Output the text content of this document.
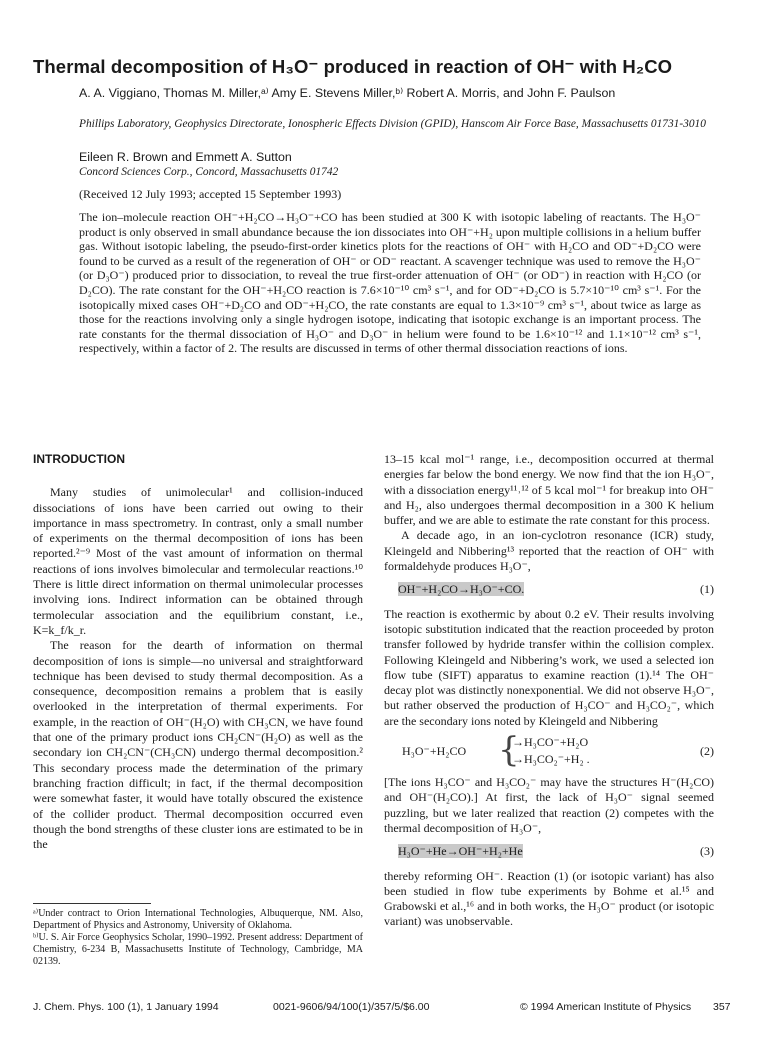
Thermal decomposition of H₃O⁻ produced in reaction of OH⁻ with H₂CO
A. A. Viggiano, Thomas M. Miller,ᵃ⁾ Amy E. Stevens Miller,ᵇ⁾ Robert A. Morris, and John F. Paulson
Phillips Laboratory, Geophysics Directorate, Ionospheric Effects Division (GPID), Hanscom Air Force Base, Massachusetts 01731-3010
Eileen R. Brown and Emmett A. Sutton
Concord Sciences Corp., Concord, Massachusetts 01742
(Received 12 July 1993; accepted 15 September 1993)
The ion–molecule reaction OH⁻+H₂CO→H₃O⁻+CO has been studied at 300 K with isotopic labeling of reactants. The H₃O⁻ product is only observed in small abundance because the ion dissociates into OH⁻+H₂ upon multiple collisions in a helium buffer gas. Without isotopic labeling, the pseudo-first-order kinetics plots for the reactions of OH⁻ with H₂CO and OD⁻+D₂CO were found to be curved as a result of the regeneration of OH⁻ or OD⁻ reactant. A scavenger technique was used to remove the H₃O⁻ (or D₃O⁻) produced prior to dissociation, to reveal the true first-order attenuation of OH⁻ (or OD⁻) in reaction with H₂CO (or D₂CO). The rate constant for the OH⁻+H₂CO reaction is 7.6×10⁻¹⁰ cm³ s⁻¹, and for OD⁻+D₂CO is 5.7×10⁻¹⁰ cm³ s⁻¹. For the isotopically mixed cases OH⁻+D₂CO and OD⁻+H₂CO, the rate constants are equal to 1.3×10⁻⁹ cm³ s⁻¹, about twice as large as those for the reactions involving only a single hydrogen isotope, indicating that isotopic exchange is an important process. The rate constants for the thermal dissociation of H₃O⁻ and D₃O⁻ in helium were found to be 1.6×10⁻¹² and 1.1×10⁻¹² cm³ s⁻¹, respectively, within a factor of 2. The results are discussed in terms of other thermal dissociation reactions of ions.
INTRODUCTION

Many studies of unimolecular¹ and collision-induced dissociations of ions have been carried out owing to their importance in mass spectrometry. In contrast, only a small number of experiments on the thermal decomposition of ions has been reported.²⁻⁹ Most of the vast amount of information on thermal reactions of ions involves bimolecular and termolecular reactions.¹⁰ There is little direct information on thermal unimolecular processes involving ions. Indirect information can be obtained through termolecular association and the equilibrium constant, i.e., K=k_f/k_r.

The reason for the dearth of information on thermal decomposition of ions is simple—no universal and straightforward technique has been devised to study thermal decomposition. As a consequence, decomposition remains a problem that is easily overlooked in the interpretation of thermal experiments. For example, in the reaction of OH⁻(H₂O) with CH₃CN, we have found that one of the primary product ions CH₂CN⁻(H₂O) as well as the secondary ion CH₂CN⁻(CH₃CN) undergo thermal decomposition.² This secondary process made the determination of the primary branching fraction difficult; in fact, if the thermal decomposition were somewhat faster, it would have totally obscured the existence of the collider product. Thermal decomposition occurred even though the bond strengths of these cluster ions are estimated to be in the

ᵃ⁾Under contract to Orion International Technologies, Albuquerque, NM. Also, Department of Physics and Astronomy, University of Oklahoma.
ᵇ⁾U. S. Air Force Geophysics Scholar, 1990–1992. Present address: Department of Chemistry, 6-234 B, Massachusetts Institute of Technology, Cambridge, MA 02139.

13–15 kcal mol⁻¹ range, i.e., decomposition occurred at thermal energies far below the bond energy. We now find that the ion H₃O⁻, with a dissociation energy¹¹˒¹² of 5 kcal mol⁻¹ for breakup into OH⁻ and H₂, also undergoes thermal decomposition in a 300 K helium buffer, and we are able to estimate the rate constant for this process.

A decade ago, in an ion-cyclotron resonance (ICR) study, Kleingeld and Nibbering¹³ reported that the reaction of OH⁻ with formaldehyde produces H₃O⁻,

OH⁻+H₂CO→H₃O⁻+CO.	(1)

The reaction is exothermic by about 0.2 eV. Their results involving isotopic substitution indicated that the reaction proceeded by proton transfer followed by hydride transfer within the collision complex. Following Kleingeld and Nibbering’s work, we used a selected ion flow tube (SIFT) apparatus to examine reaction (1).¹⁴ The OH⁻ decay plot was distinctly nonexponential. We did not observe H₃O⁻, but rather observed the production of H₃CO⁻ and H₃CO₂⁻, which are the secondary ions noted by Kleingeld and Nibbering

H₃O⁻+H₂CO {
→H₃CO⁻+H₂O
→H₃CO₂⁻+H₂ .
(2)

[The ions H₃CO⁻ and H₃CO₂⁻ may have the structures H⁻(H₂CO) and OH⁻(H₂CO).] At first, the lack of H₃O⁻ signal seemed puzzling, but we later realized that reaction (2) competes with the thermal decomposition of H₃O⁻,

H₃O⁻+He→OH⁻+H₂+He	(3)

thereby reforming OH⁻. Reaction (1) (or isotopic variant) has also been studied in flow tube experiments by Bohme et al.¹⁵ and Grabowski et al.,¹⁶ and in both works, the H₃O⁻ product (or isotopic variant) was unobservable.

J. Chem. Phys. 100 (1), 1 January 1994	0021-9606/94/100(1)/357/5/$6.00	© 1994 American Institute of Physics 357
